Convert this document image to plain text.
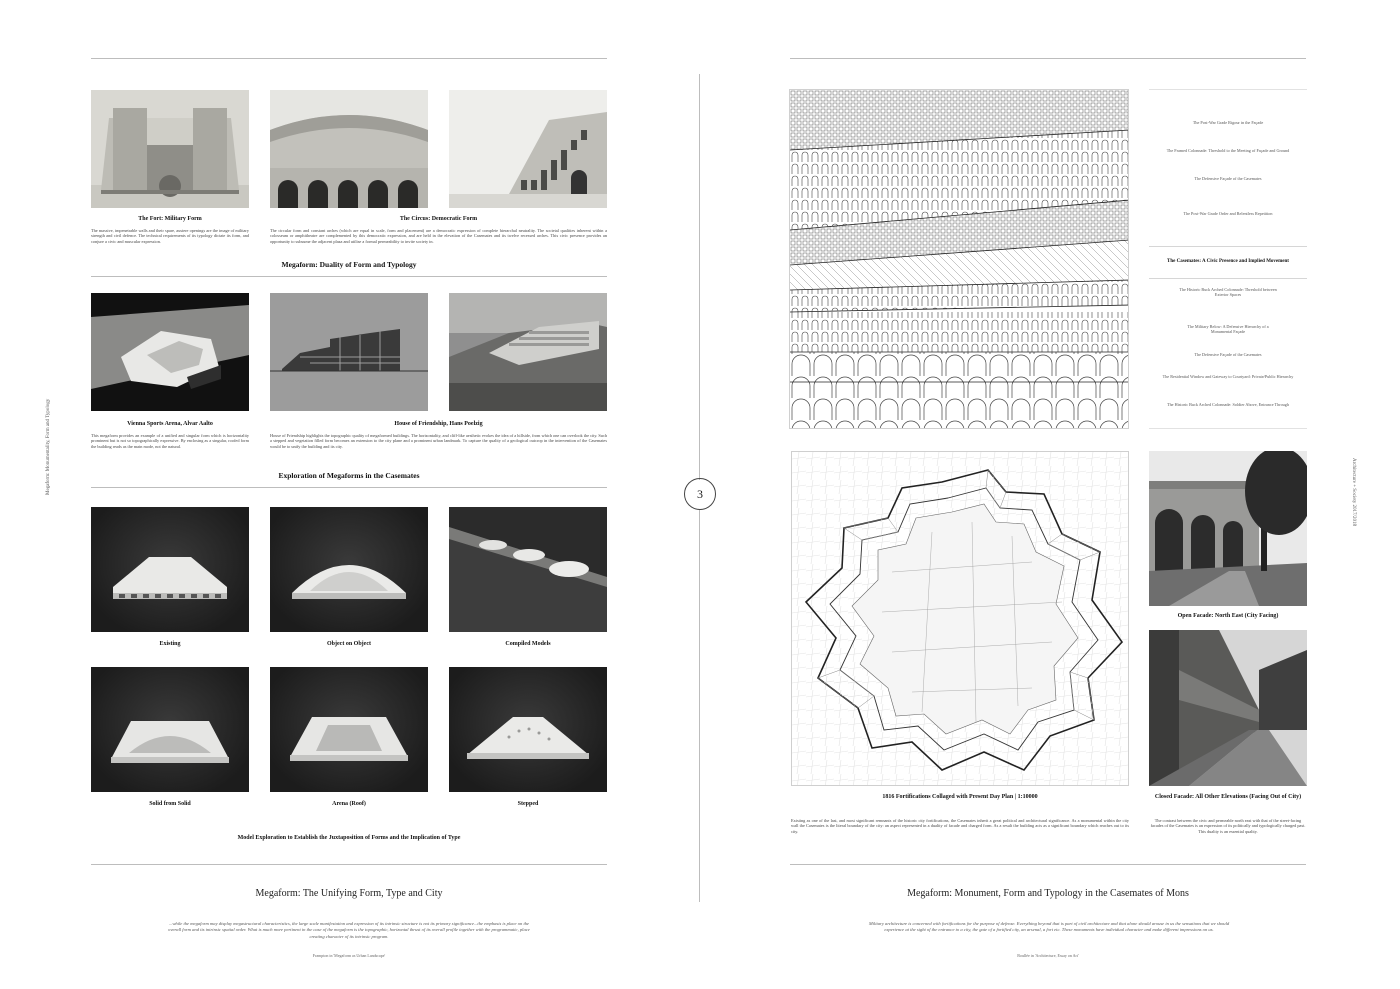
Megaform: Monumentality, Form and Typology
The Fort: Military Form
The massive, impenetrable walls and their spare, austere openings are the image of military strength and civil defence. The technical requirements of its typology dictate its form, and conjure a civic and muscular expression.
The Circus: Democratic Form
The circular form and constant arches (which are equal in scale, form and placement) are a democratic expression of complete hierarchal neutrality. The societal qualities inherent within a colosseum or amphitheatre are complemented by this democratic expression, and are held in the elevation of the Casemates and its twelve recessed arches. This civic presence provides an opportunity to subsume the adjacent plaza and utilise a formal permeability to invite society in.
Megaform: Duality of Form and Typology
Vienna Sports Arena, Alvar Aalto
This megaform provides an example of a unified and singular form which is horizontality prominent but is not so topographically expressive. By enclosing as a singular, roofed form the building reads as the main mode, not the natural.
House of Friendship, Hans Poelzig
House of Friendship highlights the topographic quality of megaformed buildings. The horizontality, and cliff-like aesthetic evokes the idea of a hillside, from which one can overlook the city. Such a stepped and vegetation filled form becomes an extension to the city plane and a prominent urban landmark. To capture the quality of a geological outcrop in the intervention of the Casemates would be to unify the building and its city.
Exploration of Megaforms in the Casemates
Existing	Object on Object	Compiled Models
Solid from Solid	Arena (Roof)	Stepped
Model Exploration to Establish the Juxtaposition of Forms and the Implication of Type
Megaform: The Unifying Form, Type and City
...while the megaform may display megastructural characteristics, the large scale manifestation and expression of its intrinsic structure is not its primary significance...the emphasis is place on the overall form and its intrinsic spatial order. What is much more pertinent in the case of the megaform is the topographic, horizontal thrust of its overall profile together with the programmatic, place creating character of its intrinsic program.
Frampton in 'Megaform as Urban Landscape'
3	Architecture + Society 2017/2018
The Post-War Grade Rigour in the Façade
The Framed Colonnade: Threshold to the Meeting of Façade and Ground
The Defensive Façade of the Casemates
The Post-War Grade Order and Relentless Repetition
The Casemates: A Civic Presence and Implied Movement
The Historic Buck Arched Colonnade: Threshold between Exterior Spaces
The Military Below: A Defensive Hierarchy of a Monumental Façade
The Defensive Façade of the Casemates
The Residential Window and Gateway to Courtyard: Private/Public Hierarchy
The Historic Buck Arched Colonnade: Soldier Above, Entrance Through
1816 Fortifications Collaged with Present Day Plan | 1:10000
Existing as one of the last, and most significant remnants of the historic city fortifications, the Casemates inherit a great political and architectural significance. As a monumental within the city wall the Casemates is the literal boundary of the city: an aspect represented in a duality of facade and charged form. As a result the building acts as a significant boundary which reaches out to its city.
Open Facade: North East (City Facing)
Closed Facade: All Other Elevations (Facing Out of City)
The contrast between the civic and permeable north east with that of the street-facing facades of the Casemates is an expression of its politically and typologically charged past. This duality is an essential quality.
Megaform: Monument, Form and Typology in the Casemates of Mons
Military architecture is concerned with fortifications for the purpose of defense. Everything beyond that is part of civil architecture and that alone should arouse in us the sensations that we should experience at the sight of the entrance to a city, the gate of a fortified city, an arsenal, a fort etc. These monuments have individual character and make different impressions on us.
Boullée in 'Architecture, Essay on Art'
